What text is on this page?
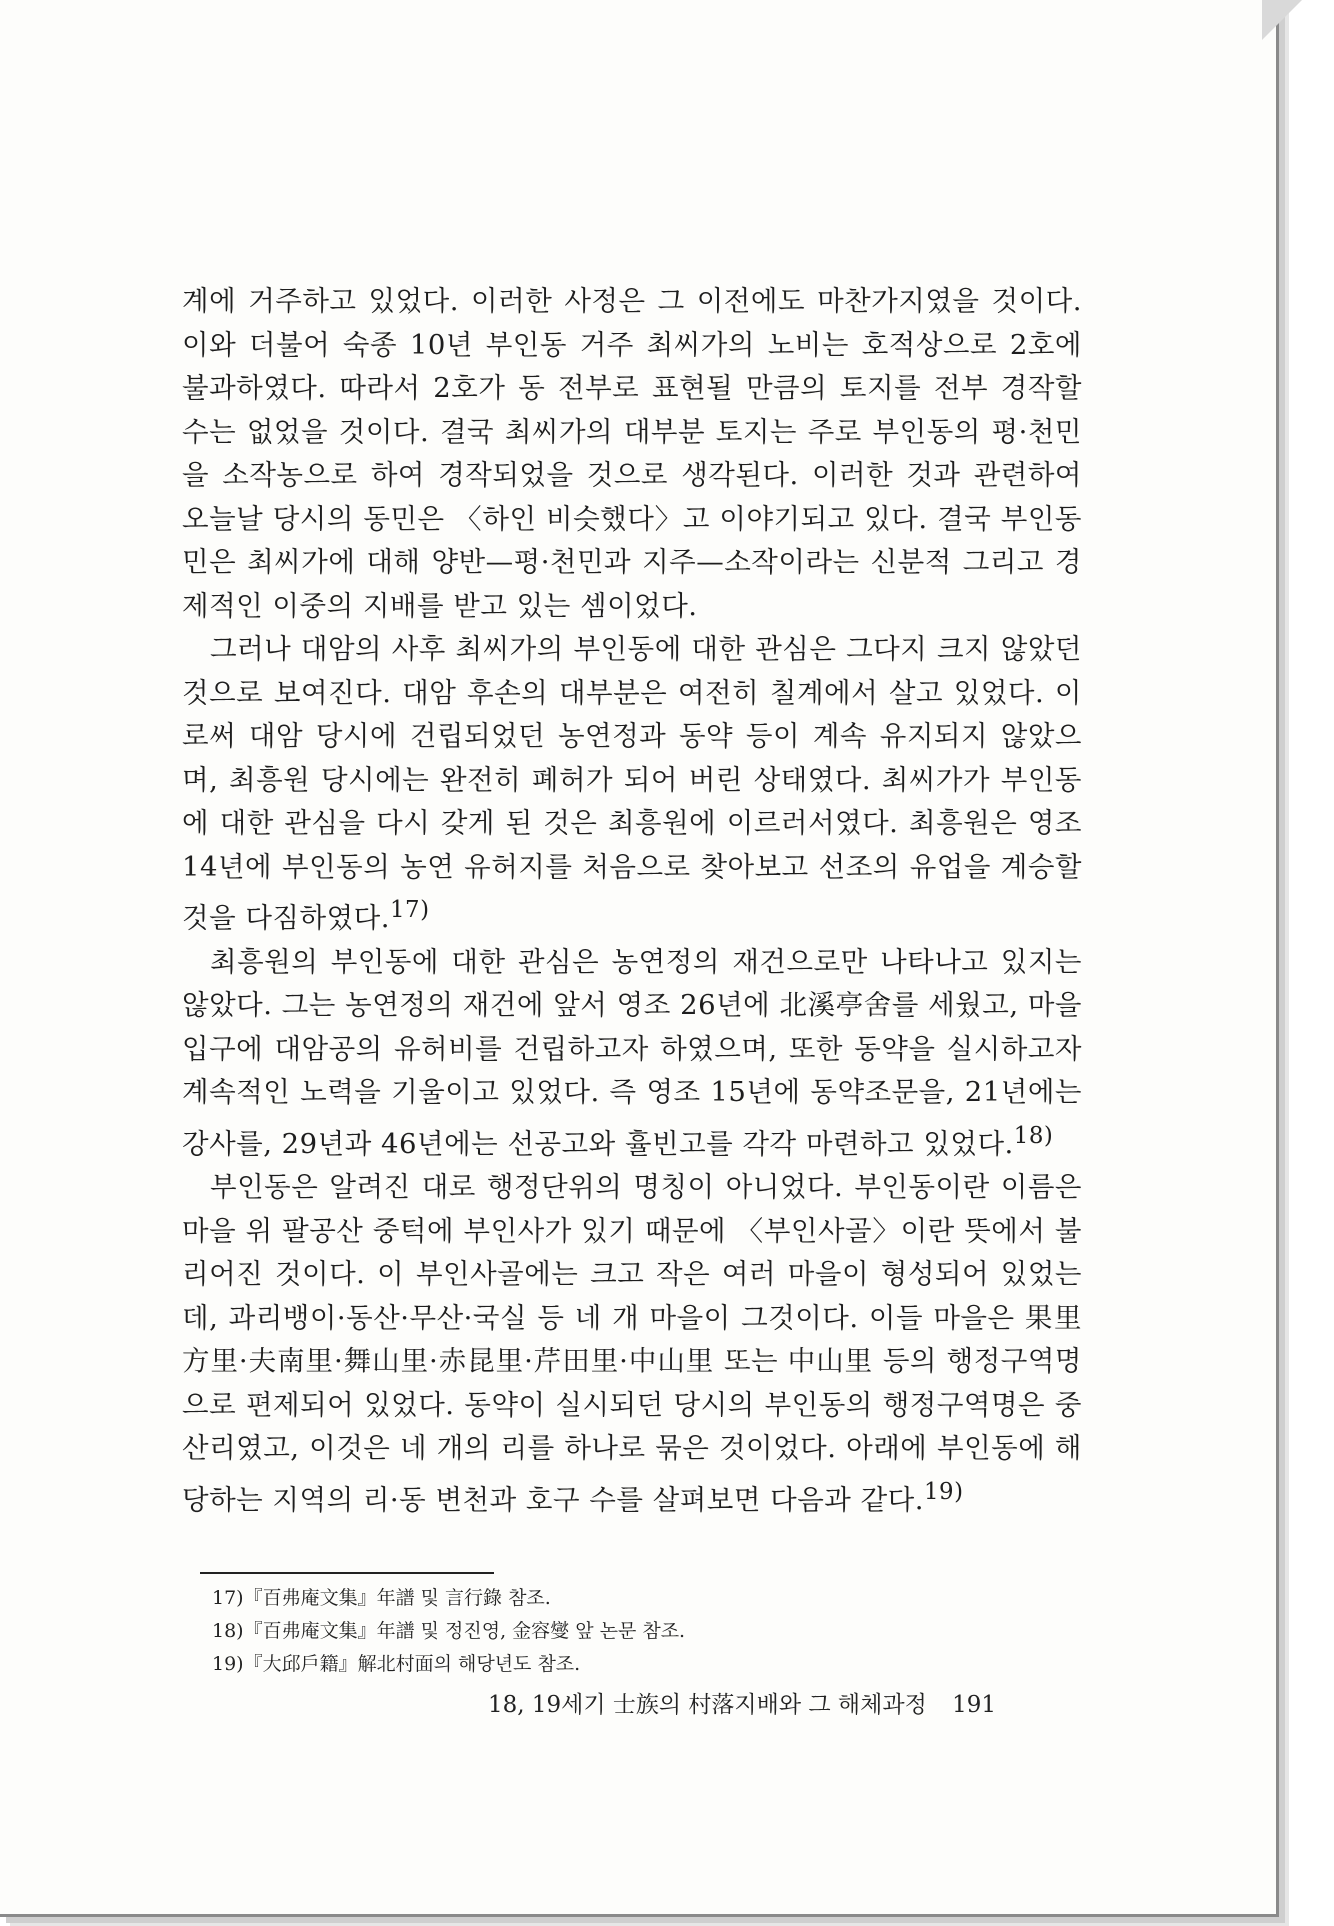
계에 거주하고 있었다. 이러한 사정은 그 이전에도 마찬가지였을 것이다. 이와 더불어 숙종 10년 부인동 거주 최씨가의 노비는 호적상으로 2호에 불과하였다. 따라서 2호가 동 전부로 표현될 만큼의 토지를 전부 경작할 수는 없었을 것이다. 결국 최씨가의 대부분 토지는 주로 부인동의 평·천민을 소작농으로 하여 경작되었을 것으로 생각된다. 이러한 것과 관련하여 오늘날 당시의 동민은 〈하인 비슷했다〉고 이야기되고 있다. 결국 부인동민은 최씨가에 대해 양반—평·천민과 지주—소작이라는 신분적 그리고 경제적인 이중의 지배를 받고 있는 셈이었다.

그러나 대암의 사후 최씨가의 부인동에 대한 관심은 그다지 크지 않았던 것으로 보여진다. 대암 후손의 대부분은 여전히 칠계에서 살고 있었다. 이로써 대암 당시에 건립되었던 농연정과 동약 등이 계속 유지되지 않았으며, 최흥원 당시에는 완전히 폐허가 되어 버린 상태였다. 최씨가가 부인동에 대한 관심을 다시 갖게 된 것은 최흥원에 이르러서였다. 최흥원은 영조 14년에 부인동의 농연 유허지를 처음으로 찾아보고 선조의 유업을 계승할 것을 다짐하였다.$^{17)}$

최흥원의 부인동에 대한 관심은 농연정의 재건으로만 나타나고 있지는 않았다. 그는 농연정의 재건에 앞서 영조 26년에 北溪亭舍를 세웠고, 마을 입구에 대암공의 유허비를 건립하고자 하였으며, 또한 동약을 실시하고자 계속적인 노력을 기울이고 있었다. 즉 영조 15년에 동약조문을, 21년에는 강사를, 29년과 46년에는 선공고와 휼빈고를 각각 마련하고 있었다.$^{18)}$

부인동은 알려진 대로 행정단위의 명칭이 아니었다. 부인동이란 이름은 마을 위 팔공산 중턱에 부인사가 있기 때문에 〈부인사골〉이란 뜻에서 불리어진 것이다. 이 부인사골에는 크고 작은 여러 마을이 형성되어 있었는데, 과리뱅이·동산·무산·국실 등 네 개 마을이 그것이다. 이들 마을은 果里方里·夫南里·舞山里·赤昆里·芹田里·中山里 또는 中山里 등의 행정구역명으로 편제되어 있었다. 동약이 실시되던 당시의 부인동의 행정구역명은 중산리였고, 이것은 네 개의 리를 하나로 묶은 것이었다. 아래에 부인동에 해당하는 지역의 리·동 변천과 호구 수를 살펴보면 다음과 같다.$^{19)}$

17)『百弗庵文集』年譜 및 言行錄 참조.

18)『百弗庵文集』年譜 및 정진영, 金容燮 앞 논문 참조.

19)『大邱戶籍』解北村面의 해당년도 참조.

18, 19세기 士族의 村落지배와 그 해체과정 191
